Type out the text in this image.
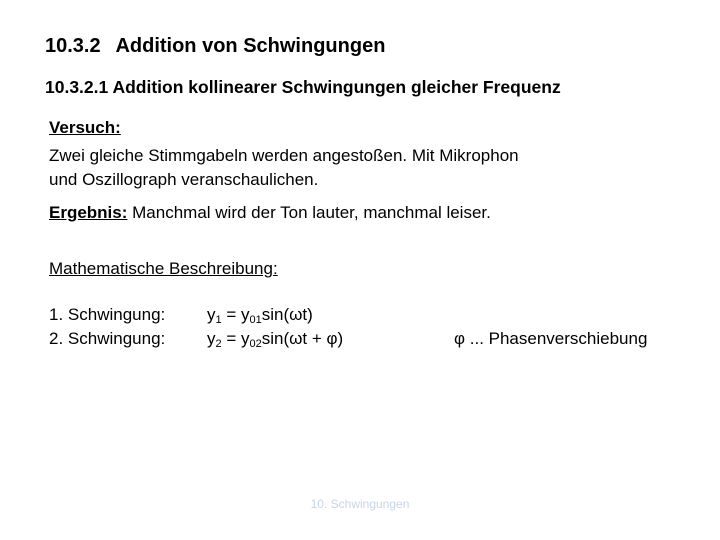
10.3.2 Addition von Schwingungen
10.3.2.1 Addition kollinearer Schwingungen gleicher Frequenz
Versuch:
Zwei gleiche Stimmgabeln werden angestoßen. Mit Mikrophon
und Oszillograph veranschaulichen.
Ergebnis: Manchmal wird der Ton lauter, manchmal leiser.
Mathematische Beschreibung:
1. Schwingung:
2. Schwingung:
$y_1 = y_{01}\sin(\omega t)$
$y_2 = y_{02}\sin(\omega t + \varphi)$	φ ... Phasenverschiebung
10. Schwingungen
